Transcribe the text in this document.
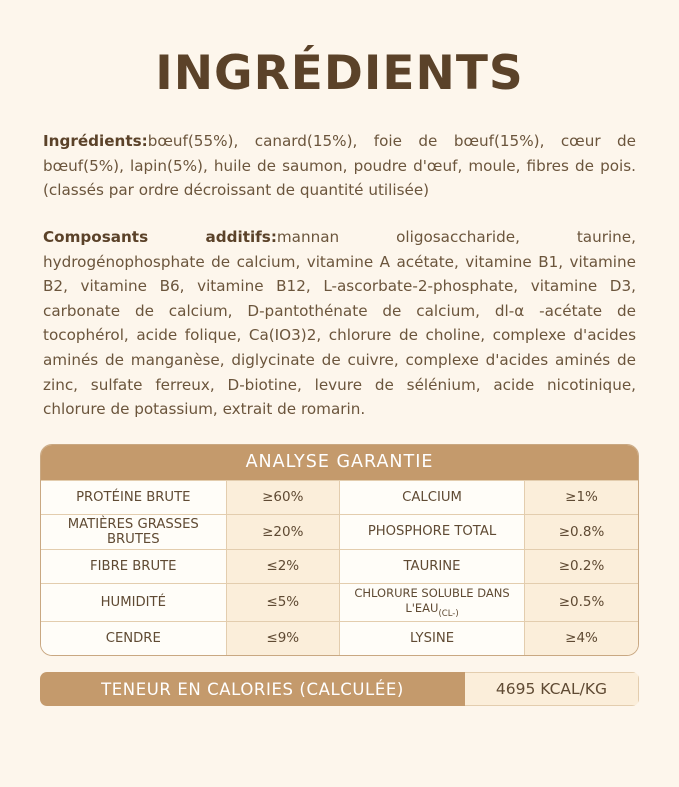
INGRÉDIENTS

Ingrédients:bœuf(55%), canard(15%), foie de bœuf(15%), cœur de bœuf(5%), lapin(5%), huile de saumon, poudre d'œuf, moule, fibres de pois. (classés par ordre décroissant de quantité utilisée)

Composants additifs:mannan oligosaccharide, taurine, hydrogénophosphate de calcium, vitamine A acétate, vitamine B1, vitamine B2, vitamine B6, vitamine B12, L-ascorbate-2-phosphate, vitamine D3, carbonate de calcium, D-pantothénate de calcium, dl-α -acétate de tocophérol, acide folique, Ca(IO3)2, chlorure de choline, complexe d'acides aminés de manganèse, diglycinate de cuivre, complexe d'acides aminés de zinc, sulfate ferreux, D-biotine, levure de sélénium, acide nicotinique, chlorure de potassium, extrait de romarin.

ANALYSE GARANTIE
PROTÉINE BRUTE	≥60%	CALCIUM	≥1%
MATIÈRES GRASSES BRUTES	≥20%	PHOSPHORE TOTAL	≥0.8%
FIBRE BRUTE	≤2%	TAURINE	≥0.2%
HUMIDITÉ	≤5%	CHLORURE SOLUBLE DANS L'EAU(CL-)	≥0.5%
CENDRE	≤9%	LYSINE	≥4%
TENEUR EN CALORIES (CALCULÉE)	4695 KCAL/KG
